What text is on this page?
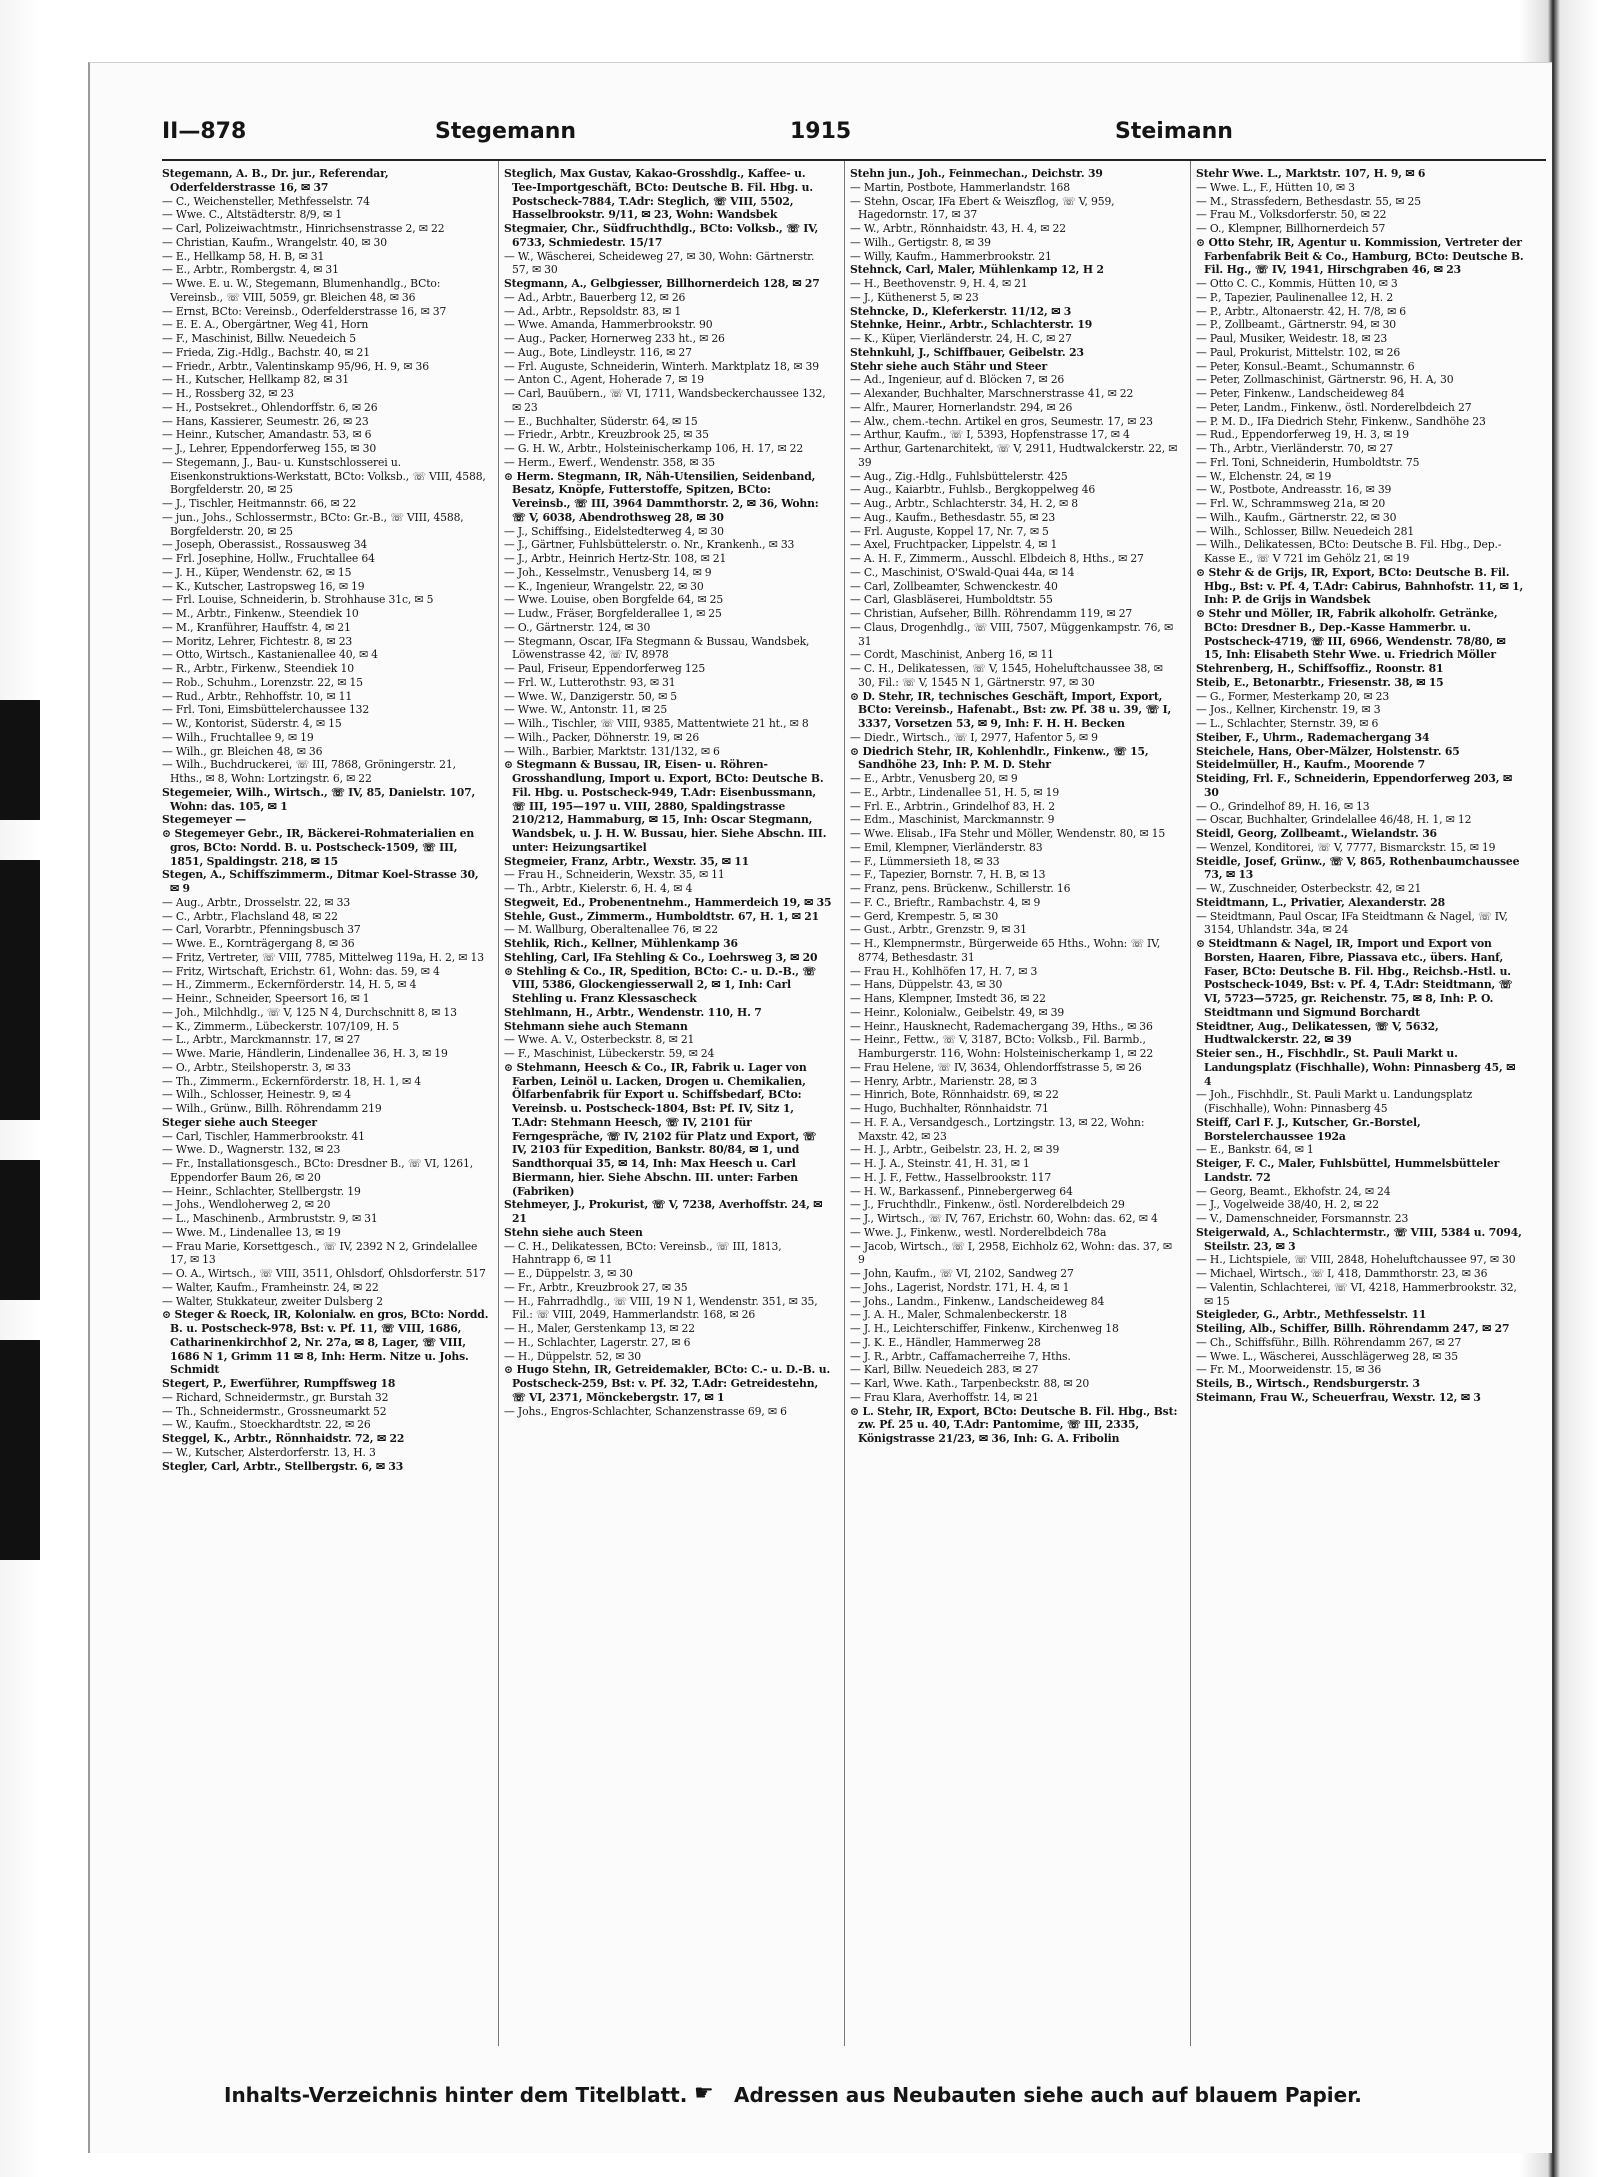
II—878	Stegemann	1915	Steimann
Stegemann, A. B., Dr. jur., Referendar, Oderfelderstrasse 16, ✉ 37
— C., Weichensteller, Methfesselstr. 74
— Wwe. C., Altstädterstr. 8/9, ✉ 1
— Carl, Polizeiwachtmstr., Hinrichsenstrasse 2, ✉ 22
— Christian, Kaufm., Wrangelstr. 40, ✉ 30
— E., Hellkamp 58, H. B, ✉ 31
— E., Arbtr., Rombergstr. 4, ✉ 31
— Wwe. E. u. W., Stegemann, Blumenhandlg., BCto: Vereinsb., ☏ VIII, 5059, gr. Bleichen 48, ✉ 36
— Ernst, BCto: Vereinsb., Oderfelderstrasse 16, ✉ 37
— E. E. A., Obergärtner, Weg 41, Horn
— F., Maschinist, Billw. Neuedeich 5
— Frieda, Zig.-Hdlg., Bachstr. 40, ✉ 21
— Friedr., Arbtr., Valentinskamp 95/96, H. 9, ✉ 36
— H., Kutscher, Hellkamp 82, ✉ 31
— H., Rossberg 32, ✉ 23
— H., Postsekret., Ohlendorffstr. 6, ✉ 26
— Hans, Kassierer, Seumestr. 26, ✉ 23
— Heinr., Kutscher, Amandastr. 53, ✉ 6
— J., Lehrer, Eppendorferweg 155, ✉ 30
— Stegemann, J., Bau- u. Kunstschlosserei u. Eisenkonstruktions-Werkstatt, BCto: Volksb., ☏ VIII, 4588, Borgfelderstr. 20, ✉ 25
— J., Tischler, Heitmannstr. 66, ✉ 22
— jun., Johs., Schlossermstr., BCto: Gr.-B., ☏ VIII, 4588, Borgfelderstr. 20, ✉ 25
— Joseph, Oberassist., Rossausweg 34
— Frl. Josephine, Hollw., Fruchtallee 64
— J. H., Küper, Wendenstr. 62, ✉ 15
— K., Kutscher, Lastropsweg 16, ✉ 19
— Frl. Louise, Schneiderin, b. Strohhause 31c, ✉ 5
— M., Arbtr., Finkenw., Steendiek 10
— M., Kranführer, Hauffstr. 4, ✉ 21
— Moritz, Lehrer, Fichtestr. 8, ✉ 23
— Otto, Wirtsch., Kastanienallee 40, ✉ 4
— R., Arbtr., Firkenw., Steendiek 10
— Rob., Schuhm., Lorenzstr. 22, ✉ 15
— Rud., Arbtr., Rehhoffstr. 10, ✉ 11
— Frl. Toni, Eimsbüttelerchaussee 132
— W., Kontorist, Süderstr. 4, ✉ 15
— Wilh., Fruchtallee 9, ✉ 19
— Wilh., gr. Bleichen 48, ✉ 36
— Wilh., Buchdruckerei, ☏ III, 7868, Gröningerstr. 21, Hths., ✉ 8, Wohn: Lortzingstr. 6, ✉ 22
Stegemeier, Wilh., Wirtsch., ☏ IV, 85, Danielstr. 107, Wohn: das. 105, ✉ 1
Stegemeyer —
⊙ Stegemeyer Gebr., IR, Bäckerei-Rohmaterialien en gros, BCto: Nordd. B. u. Postscheck-1509, ☏ III, 1851, Spaldingstr. 218, ✉ 15
Stegen, A., Schiffszimmerm., Ditmar Koel-Strasse 30, ✉ 9
— Aug., Arbtr., Drosselstr. 22, ✉ 33
— C., Arbtr., Flachsland 48, ✉ 22
— Carl, Vorarbtr., Pfenningsbusch 37
— Wwe. E., Kornträgergang 8, ✉ 36
— Fritz, Vertreter, ☏ VIII, 7785, Mittelweg 119a, H. 2, ✉ 13
— Fritz, Wirtschaft, Erichstr. 61, Wohn: das. 59, ✉ 4
— H., Zimmerm., Eckernförderstr. 14, H. 5, ✉ 4
— Heinr., Schneider, Speersort 16, ✉ 1
— Joh., Milchhdlg., ☏ V, 125 N 4, Durchschnitt 8, ✉ 13
— K., Zimmerm., Lübeckerstr. 107/109, H. 5
— L., Arbtr., Marckmannstr. 17, ✉ 27
— Wwe. Marie, Händlerin, Lindenallee 36, H. 3, ✉ 19
— O., Arbtr., Steilshoperstr. 3, ✉ 33
— Th., Zimmerm., Eckernförderstr. 18, H. 1, ✉ 4
— Wilh., Schlosser, Heinestr. 9, ✉ 4
— Wilh., Grünw., Billh. Röhrendamm 219
Steger siehe auch Steeger
— Carl, Tischler, Hammerbrookstr. 41
— Wwe. D., Wagnerstr. 132, ✉ 23
— Fr., Installationsgesch., BCto: Dresdner B., ☏ VI, 1261, Eppendorfer Baum 26, ✉ 20
— Heinr., Schlachter, Stellbergstr. 19
— Johs., Wendloherweg 2, ✉ 20
— L., Maschinenb., Armbruststr. 9, ✉ 31
— Wwe. M., Lindenallee 13, ✉ 19
— Frau Marie, Korsettgesch., ☏ IV, 2392 N 2, Grindelallee 17, ✉ 13
— O. A., Wirtsch., ☏ VIII, 3511, Ohlsdorf, Ohlsdorferstr. 517
— Walter, Kaufm., Framheinstr. 24, ✉ 22
— Walter, Stukkateur, zweiter Dulsberg 2
⊙ Steger & Roeck, IR, Kolonialw. en gros, BCto: Nordd. B. u. Postscheck-978, Bst: v. Pf. 11, ☏ VIII, 1686, Catharinenkirchhof 2, Nr. 27a, ✉ 8, Lager, ☏ VIII, 1686 N 1, Grimm 11 ✉ 8, Inh: Herm. Nitze u. Johs. Schmidt
Stegert, P., Ewerführer, Rumpffsweg 18
— Richard, Schneidermstr., gr. Burstah 32
— Th., Schneidermstr., Grossneumarkt 52
— W., Kaufm., Stoeckhardtstr. 22, ✉ 26
Steggel, K., Arbtr., Rönnhaidstr. 72, ✉ 22
— W., Kutscher, Alsterdorferstr. 13, H. 3
Stegler, Carl, Arbtr., Stellbergstr. 6, ✉ 33
Steglich, Max Gustav, Kakao-Grosshdlg., Kaffee- u. Tee-Importgeschäft, BCto: Deutsche B. Fil. Hbg. u. Postscheck-7884, T.Adr: Steglich, ☏ VIII, 5502, Hasselbrookstr. 9/11, ✉ 23, Wohn: Wandsbek
Stegmaier, Chr., Südfruchthdlg., BCto: Volksb., ☏ IV, 6733, Schmiedestr. 15/17
— W., Wäscherei, Scheideweg 27, ✉ 30, Wohn: Gärtnerstr. 57, ✉ 30
Stegmann, A., Gelbgiesser, Billhornerdeich 128, ✉ 27
— Ad., Arbtr., Bauerberg 12, ✉ 26
— Ad., Arbtr., Repsoldstr. 83, ✉ 1
— Wwe. Amanda, Hammerbrookstr. 90
— Aug., Packer, Hornerweg 233 ht., ✉ 26
— Aug., Bote, Lindleystr. 116, ✉ 27
— Frl. Auguste, Schneiderin, Winterh. Marktplatz 18, ✉ 39
— Anton C., Agent, Hoherade 7, ✉ 19
— Carl, Bauübern., ☏ VI, 1711, Wandsbeckerchaussee 132, ✉ 23
— E., Buchhalter, Süderstr. 64, ✉ 15
— Friedr., Arbtr., Kreuzbrook 25, ✉ 35
— G. H. W., Arbtr., Holsteinischerkamp 106, H. 17, ✉ 22
— Herm., Ewerf., Wendenstr. 358, ✉ 35
⊙ Herm. Stegmann, IR, Näh-Utensilien, Seidenband, Besatz, Knöpfe, Futterstoffe, Spitzen, BCto: Vereinsb., ☏ III, 3964 Dammthorstr. 2, ✉ 36, Wohn: ☏ V, 6038, Abendrothsweg 28, ✉ 30
— J., Schiffsing., Eidelstedterweg 4, ✉ 30
— J., Gärtner, Fuhlsbüttelerstr. o. Nr., Krankenh., ✉ 33
— J., Arbtr., Heinrich Hertz-Str. 108, ✉ 21
— Joh., Kesselmstr., Venusberg 14, ✉ 9
— K., Ingenieur, Wrangelstr. 22, ✉ 30
— Wwe. Louise, oben Borgfelde 64, ✉ 25
— Ludw., Fräser, Borgfelderallee 1, ✉ 25
— O., Gärtnerstr. 124, ✉ 30
— Stegmann, Oscar, IFa Stegmann & Bussau, Wandsbek, Löwenstrasse 42, ☏ IV, 8978
— Paul, Friseur, Eppendorferweg 125
— Frl. W., Lutterothstr. 93, ✉ 31
— Wwe. W., Danzigerstr. 50, ✉ 5
— Wwe. W., Antonstr. 11, ✉ 25
— Wilh., Tischler, ☏ VIII, 9385, Mattentwiete 21 ht., ✉ 8
— Wilh., Packer, Döhnerstr. 19, ✉ 26
— Wilh., Barbier, Marktstr. 131/132, ✉ 6
⊙ Stegmann & Bussau, IR, Eisen- u. Röhren-Grosshandlung, Import u. Export, BCto: Deutsche B. Fil. Hbg. u. Postscheck-949, T.Adr: Eisenbussmann, ☏ III, 195—197 u. VIII, 2880, Spaldingstrasse 210/212, Hammaburg, ✉ 15, Inh: Oscar Stegmann, Wandsbek, u. J. H. W. Bussau, hier. Siehe Abschn. III. unter: Heizungsartikel
Stegmeier, Franz, Arbtr., Wexstr. 35, ✉ 11
— Frau H., Schneiderin, Wexstr. 35, ✉ 11
— Th., Arbtr., Kielerstr. 6, H. 4, ✉ 4
Stegweit, Ed., Probenentnehm., Hammerdeich 19, ✉ 35
Stehle, Gust., Zimmerm., Humboldtstr. 67, H. 1, ✉ 21
— M. Wallburg, Oberaltenallee 76, ✉ 22
Stehlik, Rich., Kellner, Mühlenkamp 36
Stehling, Carl, IFa Stehling & Co., Loehrsweg 3, ✉ 20
⊙ Stehling & Co., IR, Spedition, BCto: C.- u. D.-B., ☏ VIII, 5386, Glockengiesserwall 2, ✉ 1, Inh: Carl Stehling u. Franz Klessascheck
Stehlmann, H., Arbtr., Wendenstr. 110, H. 7
Stehmann siehe auch Stemann
— Wwe. A. V., Osterbeckstr. 8, ✉ 21
— F., Maschinist, Lübeckerstr. 59, ✉ 24
⊙ Stehmann, Heesch & Co., IR, Fabrik u. Lager von Farben, Leinöl u. Lacken, Drogen u. Chemikalien, Ölfarbenfabrik für Export u. Schiffsbedarf, BCto: Vereinsb. u. Postscheck-1804, Bst: Pf. IV, Sitz 1, T.Adr: Stehmann Heesch, ☏ IV, 2101 für Ferngespräche, ☏ IV, 2102 für Platz und Export, ☏ IV, 2103 für Expedition, Bankstr. 80/84, ✉ 1, und Sandthorquai 35, ✉ 14, Inh: Max Heesch u. Carl Biermann, hier. Siehe Abschn. III. unter: Farben (Fabriken)
Stehmeyer, J., Prokurist, ☏ V, 7238, Averhoffstr. 24, ✉ 21
Stehn siehe auch Steen
— C. H., Delikatessen, BCto: Vereinsb., ☏ III, 1813, Hahntrapp 6, ✉ 11
— E., Düppelstr. 3, ✉ 30
— Fr., Arbtr., Kreuzbrook 27, ✉ 35
— H., Fahrradhdlg., ☏ VIII, 19 N 1, Wendenstr. 351, ✉ 35, Fil.: ☏ VIII, 2049, Hammerlandstr. 168, ✉ 26
— H., Maler, Gerstenkamp 13, ✉ 22
— H., Schlachter, Lagerstr. 27, ✉ 6
— H., Düppelstr. 52, ✉ 30
⊙ Hugo Stehn, IR, Getreidemakler, BCto: C.- u. D.-B. u. Postscheck-259, Bst: v. Pf. 32, T.Adr: Getreidestehn, ☏ VI, 2371, Mönckebergstr. 17, ✉ 1
— Johs., Engros-Schlachter, Schanzenstrasse 69, ✉ 6
Stehn jun., Joh., Feinmechan., Deichstr. 39
— Martin, Postbote, Hammerlandstr. 168
— Stehn, Oscar, IFa Ebert & Weiszflog, ☏ V, 959, Hagedornstr. 17, ✉ 37
— W., Arbtr., Rönnhaidstr. 43, H. 4, ✉ 22
— Wilh., Gertigstr. 8, ✉ 39
— Willy, Kaufm., Hammerbrookstr. 21
Stehnck, Carl, Maler, Mühlenkamp 12, H 2
— H., Beethovenstr. 9, H. 4, ✉ 21
— J., Küthenerst 5, ✉ 23
Stehncke, D., Kleferkerstr. 11/12, ✉ 3
Stehnke, Heinr., Arbtr., Schlachterstr. 19
— K., Küper, Vierländerstr. 24, H. C, ✉ 27
Stehnkuhl, J., Schiffbauer, Geibelstr. 23
Stehr siehe auch Stähr und Steer
— Ad., Ingenieur, auf d. Blöcken 7, ✉ 26
— Alexander, Buchhalter, Marschnerstrasse 41, ✉ 22
— Alfr., Maurer, Hornerlandstr. 294, ✉ 26
— Alw., chem.-techn. Artikel en gros, Seumestr. 17, ✉ 23
— Arthur, Kaufm., ☏ I, 5393, Hopfenstrasse 17, ✉ 4
— Arthur, Gartenarchitekt, ☏ V, 2911, Hudtwalckerstr. 22, ✉ 39
— Aug., Zig.-Hdlg., Fuhlsbüttelerstr. 425
— Aug., Kaiarbtr., Fuhlsb., Bergkoppelweg 46
— Aug., Arbtr., Schlachterstr. 34, H. 2, ✉ 8
— Aug., Kaufm., Bethesdastr. 55, ✉ 23
— Frl. Auguste, Koppel 17, Nr. 7, ✉ 5
— Axel, Fruchtpacker, Lippelstr. 4, ✉ 1
— A. H. F., Zimmerm., Ausschl. Elbdeich 8, Hths., ✉ 27
— C., Maschinist, O'Swald-Quai 44a, ✉ 14
— Carl, Zollbeamter, Schwenckestr. 40
— Carl, Glasbläserei, Humboldtstr. 55
— Christian, Aufseher, Billh. Röhrendamm 119, ✉ 27
— Claus, Drogenhdlg., ☏ VIII, 7507, Müggenkampstr. 76, ✉ 31
— Cordt, Maschinist, Anberg 16, ✉ 11
— C. H., Delikatessen, ☏ V, 1545, Hoheluftchaussee 38, ✉ 30, Fil.: ☏ V, 1545 N 1, Gärtnerstr. 97, ✉ 30
⊙ D. Stehr, IR, technisches Geschäft, Import, Export, BCto: Vereinsb., Hafenabt., Bst: zw. Pf. 38 u. 39, ☏ I, 3337, Vorsetzen 53, ✉ 9, Inh: F. H. H. Becken
— Diedr., Wirtsch., ☏ I, 2977, Hafentor 5, ✉ 9
⊙ Diedrich Stehr, IR, Kohlenhdlr., Finkenw., ☏ 15, Sandhöhe 23, Inh: P. M. D. Stehr
— E., Arbtr., Venusberg 20, ✉ 9
— E., Arbtr., Lindenallee 51, H. 5, ✉ 19
— Frl. E., Arbtrin., Grindelhof 83, H. 2
— Edm., Maschinist, Marckmannstr. 9
— Wwe. Elisab., IFa Stehr und Möller, Wendenstr. 80, ✉ 15
— Emil, Klempner, Vierländerstr. 83
— F., Lümmersieth 18, ✉ 33
— F., Tapezier, Bornstr. 7, H. B, ✉ 13
— Franz, pens. Brückenw., Schillerstr. 16
— F. C., Brieftr., Rambachstr. 4, ✉ 9
— Gerd, Krempestr. 5, ✉ 30
— Gust., Arbtr., Grenzstr. 9, ✉ 31
— H., Klempnermstr., Bürgerweide 65 Hths., Wohn: ☏ IV, 8774, Bethesdastr. 31
— Frau H., Kohlhöfen 17, H. 7, ✉ 3
— Hans, Düppelstr. 43, ✉ 30
— Hans, Klempner, Imstedt 36, ✉ 22
— Heinr., Kolonialw., Geibelstr. 49, ✉ 39
— Heinr., Hausknecht, Rademachergang 39, Hths., ✉ 36
— Heinr., Fettw., ☏ V, 3187, BCto: Volksb., Fil. Barmb., Hamburgerstr. 116, Wohn: Holsteinischerkamp 1, ✉ 22
— Frau Helene, ☏ IV, 3634, Ohlendorffstrasse 5, ✉ 26
— Henry, Arbtr., Marienstr. 28, ✉ 3
— Hinrich, Bote, Rönnhaidstr. 69, ✉ 22
— Hugo, Buchhalter, Rönnhaidstr. 71
— H. F. A., Versandgesch., Lortzingstr. 13, ✉ 22, Wohn: Maxstr. 42, ✉ 23
— H. J., Arbtr., Geibelstr. 23, H. 2, ✉ 39
— H. J. A., Steinstr. 41, H. 31, ✉ 1
— H. J. F., Fettw., Hasselbrookstr. 117
— H. W., Barkassenf., Pinnebergerweg 64
— J., Fruchthdlr., Finkenw., östl. Norderelbdeich 29
— J., Wirtsch., ☏ IV, 767, Erichstr. 60, Wohn: das. 62, ✉ 4
— Wwe. J., Finkenw., westl. Norderelbdeich 78a
— Jacob, Wirtsch., ☏ I, 2958, Eichholz 62, Wohn: das. 37, ✉ 9
— John, Kaufm., ☏ VI, 2102, Sandweg 27
— Johs., Lagerist, Nordstr. 171, H. 4, ✉ 1
— Johs., Landm., Finkenw., Landscheideweg 84
— J. A. H., Maler, Schmalenbeckerstr. 18
— J. H., Leichterschiffer, Finkenw., Kirchenweg 18
— J. K. E., Händler, Hammerweg 28
— J. R., Arbtr., Caffamacherreihe 7, Hths.
— Karl, Billw. Neuedeich 283, ✉ 27
— Karl, Wwe. Kath., Tarpenbeckstr. 88, ✉ 20
— Frau Klara, Averhoffstr. 14, ✉ 21
⊙ L. Stehr, IR, Export, BCto: Deutsche B. Fil. Hbg., Bst: zw. Pf. 25 u. 40, T.Adr: Pantomime, ☏ III, 2335, Königstrasse 21/23, ✉ 36, Inh: G. A. Fribolin
Stehr Wwe. L., Marktstr. 107, H. 9, ✉ 6
— Wwe. L., F., Hütten 10, ✉ 3
— M., Strassfedern, Bethesdastr. 55, ✉ 25
— Frau M., Volksdorferstr. 50, ✉ 22
— O., Klempner, Billhornerdeich 57
⊙ Otto Stehr, IR, Agentur u. Kommission, Vertreter der Farbenfabrik Beit & Co., Hamburg, BCto: Deutsche B. Fil. Hg., ☏ IV, 1941, Hirschgraben 46, ✉ 23
— Otto C. C., Kommis, Hütten 10, ✉ 3
— P., Tapezier, Paulinenallee 12, H. 2
— P., Arbtr., Altonaerstr. 42, H. 7/8, ✉ 6
— P., Zollbeamt., Gärtnerstr. 94, ✉ 30
— Paul, Musiker, Weidestr. 18, ✉ 23
— Paul, Prokurist, Mittelstr. 102, ✉ 26
— Peter, Konsul.-Beamt., Schumannstr. 6
— Peter, Zollmaschinist, Gärtnerstr. 96, H. A, 30
— Peter, Finkenw., Landscheideweg 84
— Peter, Landm., Finkenw., östl. Norderelbdeich 27
— P. M. D., IFa Diedrich Stehr, Finkenw., Sandhöhe 23
— Rud., Eppendorferweg 19, H. 3, ✉ 19
— Th., Arbtr., Vierländerstr. 70, ✉ 27
— Frl. Toni, Schneiderin, Humboldtstr. 75
— W., Elchenstr. 24, ✉ 19
— W., Postbote, Andreasstr. 16, ✉ 39
— Frl. W., Schrammsweg 21a, ✉ 20
— Wilh., Kaufm., Gärtnerstr. 22, ✉ 30
— Wilh., Schlosser, Billw. Neuedeich 281
— Wilh., Delikatessen, BCto: Deutsche B. Fil. Hbg., Dep.-Kasse E., ☏ V 721 im Gehölz 21, ✉ 19
⊙ Stehr & de Grijs, IR, Export, BCto: Deutsche B. Fil. Hbg., Bst: v. Pf. 4, T.Adr: Cabirus, Bahnhofstr. 11, ✉ 1, Inh: P. de Grijs in Wandsbek
⊙ Stehr und Möller, IR, Fabrik alkoholfr. Getränke, BCto: Dresdner B., Dep.-Kasse Hammerbr. u. Postscheck-4719, ☏ III, 6966, Wendenstr. 78/80, ✉ 15, Inh: Elisabeth Stehr Wwe. u. Friedrich Möller
Stehrenberg, H., Schiffsoffiz., Roonstr. 81
Steib, E., Betonarbtr., Friesenstr. 38, ✉ 15
— G., Former, Mesterkamp 20, ✉ 23
— Jos., Kellner, Kirchenstr. 19, ✉ 3
— L., Schlachter, Sternstr. 39, ✉ 6
Steiber, F., Uhrm., Rademachergang 34
Steichele, Hans, Ober-Mälzer, Holstenstr. 65
Steidelmüller, H., Kaufm., Moorende 7
Steiding, Frl. F., Schneiderin, Eppendorferweg 203, ✉ 30
— O., Grindelhof 89, H. 16, ✉ 13
— Oscar, Buchhalter, Grindelallee 46/48, H. 1, ✉ 12
Steidl, Georg, Zollbeamt., Wielandstr. 36
— Wenzel, Konditorei, ☏ V, 7777, Bismarckstr. 15, ✉ 19
Steidle, Josef, Grünw., ☏ V, 865, Rothenbaumchaussee 73, ✉ 13
— W., Zuschneider, Osterbeckstr. 42, ✉ 21
Steidtmann, L., Privatier, Alexanderstr. 28
— Steidtmann, Paul Oscar, IFa Steidtmann & Nagel, ☏ IV, 3154, Uhlandstr. 34a, ✉ 24
⊙ Steidtmann & Nagel, IR, Import und Export von Borsten, Haaren, Fibre, Piassava etc., übers. Hanf, Faser, BCto: Deutsche B. Fil. Hbg., Reichsb.-Hstl. u. Postscheck-1049, Bst: v. Pf. 4, T.Adr: Steidtmann, ☏ VI, 5723—5725, gr. Reichenstr. 75, ✉ 8, Inh: P. O. Steidtmann und Sigmund Borchardt
Steidtner, Aug., Delikatessen, ☏ V, 5632, Hudtwalckerstr. 22, ✉ 39
Steier sen., H., Fischhdlr., St. Pauli Markt u. Landungsplatz (Fischhalle), Wohn: Pinnasberg 45, ✉ 4
— Joh., Fischhdlr., St. Pauli Markt u. Landungsplatz (Fischhalle), Wohn: Pinnasberg 45
Steiff, Carl F. J., Kutscher, Gr.-Borstel, Borstelerchaussee 192a
— E., Bankstr. 64, ✉ 1
Steiger, F. C., Maler, Fuhlsbüttel, Hummelsbütteler Landstr. 72
— Georg, Beamt., Ekhofstr. 24, ✉ 24
— J., Vogelweide 38/40, H. 2, ✉ 22
— V., Damenschneider, Forsmannstr. 23
Steigerwald, A., Schlachtermstr., ☏ VIII, 5384 u. 7094, Steilstr. 23, ✉ 3
— H., Lichtspiele, ☏ VIII, 2848, Hoheluftchaussee 97, ✉ 30
— Michael, Wirtsch., ☏ I, 418, Dammthorstr. 23, ✉ 36
— Valentin, Schlachterei, ☏ VI, 4218, Hammerbrookstr. 32, ✉ 15
Steigleder, G., Arbtr., Methfesselstr. 11
Steiling, Alb., Schiffer, Billh. Röhrendamm 247, ✉ 27
— Ch., Schiffsführ., Billh. Röhrendamm 267, ✉ 27
— Wwe. L., Wäscherei, Ausschlägerweg 28, ✉ 35
— Fr. M., Moorweidenstr. 15, ✉ 36
Steils, B., Wirtsch., Rendsburgerstr. 3
Steimann, Frau W., Scheuerfrau, Wexstr. 12, ✉ 3
Inhalts-Verzeichnis hinter dem Titelblatt. ☛ Adressen aus Neubauten siehe auch auf blauem Papier.
